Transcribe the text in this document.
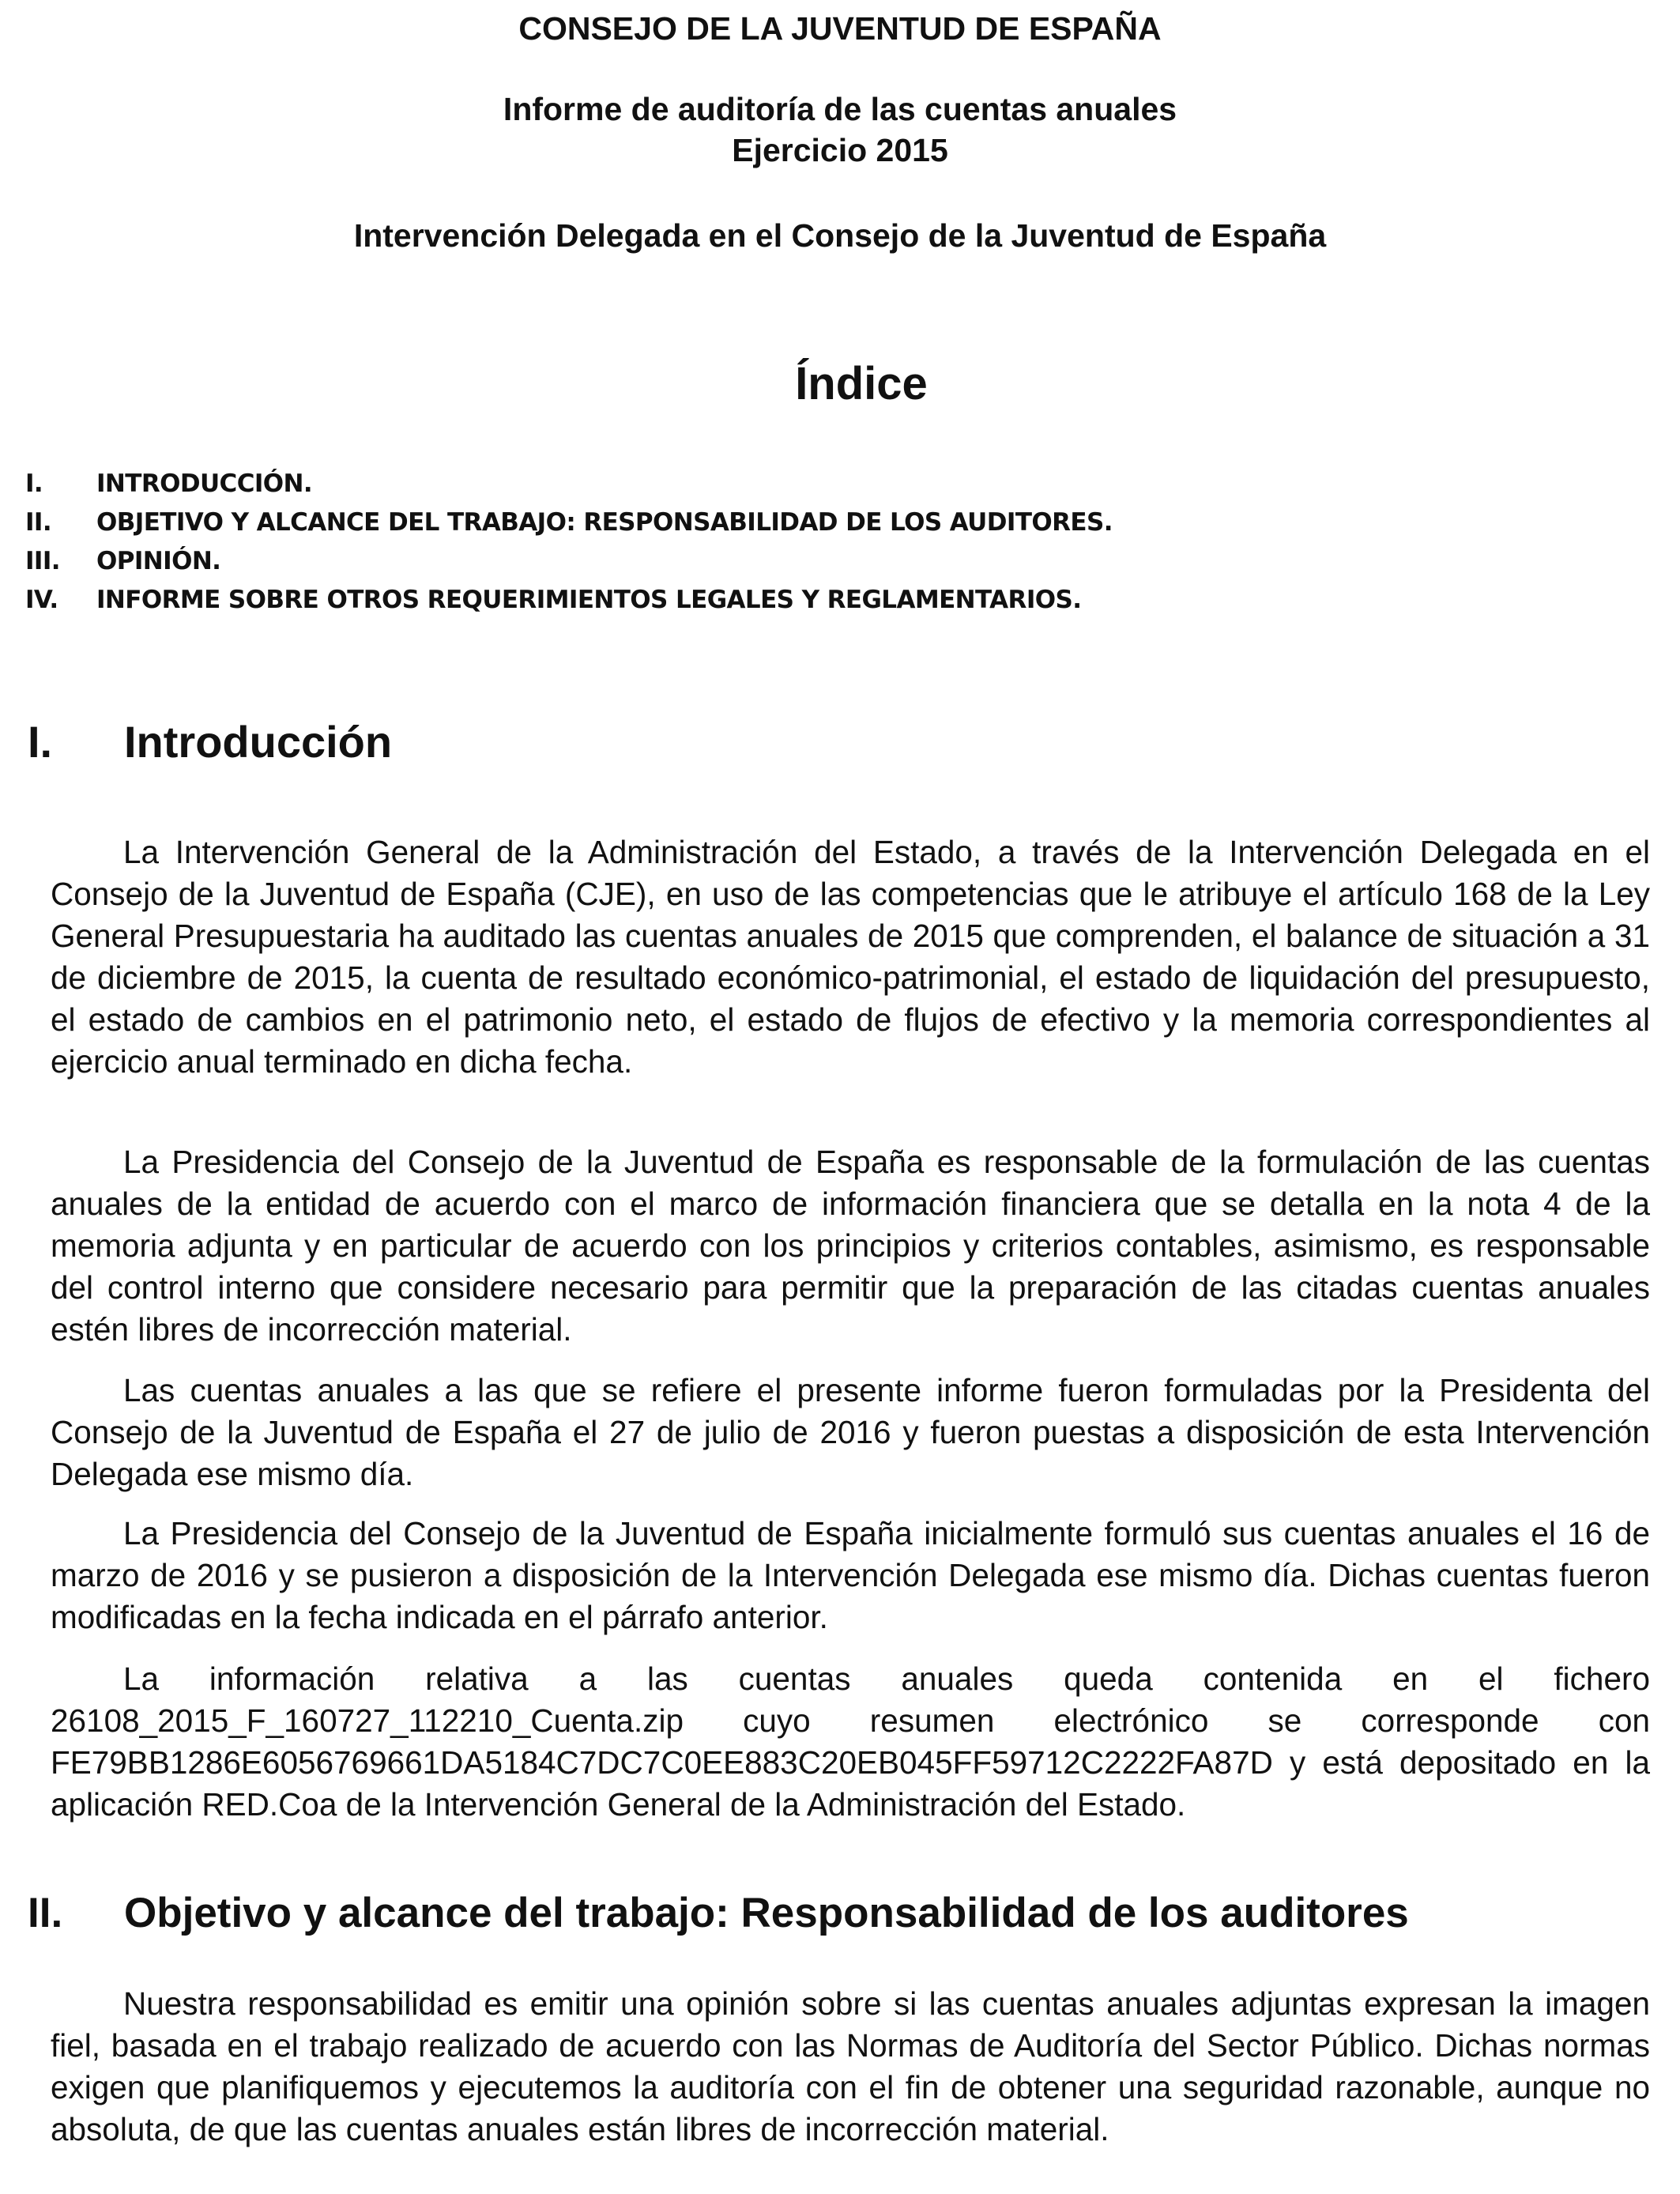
CONSEJO DE LA JUVENTUD DE ESPAÑA
Informe de auditoría de las cuentas anuales
Ejercicio 2015
Intervención Delegada en el Consejo de la Juventud de España
Índice
I.	INTRODUCCIÓN.
II.	OBJETIVO Y ALCANCE DEL TRABAJO: RESPONSABILIDAD DE LOS AUDITORES.
III.	OPINIÓN.
IV.	INFORME SOBRE OTROS REQUERIMIENTOS LEGALES Y REGLAMENTARIOS.
I.	Introducción
La Intervención General de la Administración del Estado, a través de la Intervención Delegada en el Consejo de la Juventud de España (CJE), en uso de las competencias que le atribuye el artículo 168 de la Ley General Presupuestaria ha auditado las cuentas anuales de 2015 que comprenden, el balance de situación a 31 de diciembre de 2015, la cuenta de resultado económico-patrimonial, el estado de liquidación del presupuesto, el estado de cambios en el patrimonio neto, el estado de flujos de efectivo y la memoria correspondientes al ejercicio anual terminado en dicha fecha.
La Presidencia del Consejo de la Juventud de España es responsable de la formulación de las cuentas anuales de la entidad de acuerdo con el marco de información financiera que se detalla en la nota 4 de la memoria adjunta y en particular de acuerdo con los principios y criterios contables, asimismo, es responsable del control interno que considere necesario para permitir que la preparación de las citadas cuentas anuales estén libres de incorrección material.
Las cuentas anuales a las que se refiere el presente informe fueron formuladas por la Presidenta del Consejo de la Juventud de España el 27 de julio de 2016 y fueron puestas a disposición de esta Intervención Delegada ese mismo día.
La Presidencia del Consejo de la Juventud de España inicialmente formuló sus cuentas anuales el 16 de marzo de 2016 y se pusieron a disposición de la Intervención Delegada ese mismo día. Dichas cuentas fueron modificadas en la fecha indicada en el párrafo anterior.
La información relativa a las cuentas anuales queda contenida en el fichero 26108_2015_F_160727_112210_Cuenta.zip cuyo resumen electrónico se corresponde con FE79BB1286E6056769661DA5184C7DC7C0EE883C20EB045FF59712C2222FA87D y está depositado en la aplicación RED.Coa de la Intervención General de la Administración del Estado.
II.	Objetivo y alcance del trabajo: Responsabilidad de los auditores
Nuestra responsabilidad es emitir una opinión sobre si las cuentas anuales adjuntas expresan la imagen fiel, basada en el trabajo realizado de acuerdo con las Normas de Auditoría del Sector Público. Dichas normas exigen que planifiquemos y ejecutemos la auditoría con el fin de obtener una seguridad razonable, aunque no absoluta, de que las cuentas anuales están libres de incorrección material.
